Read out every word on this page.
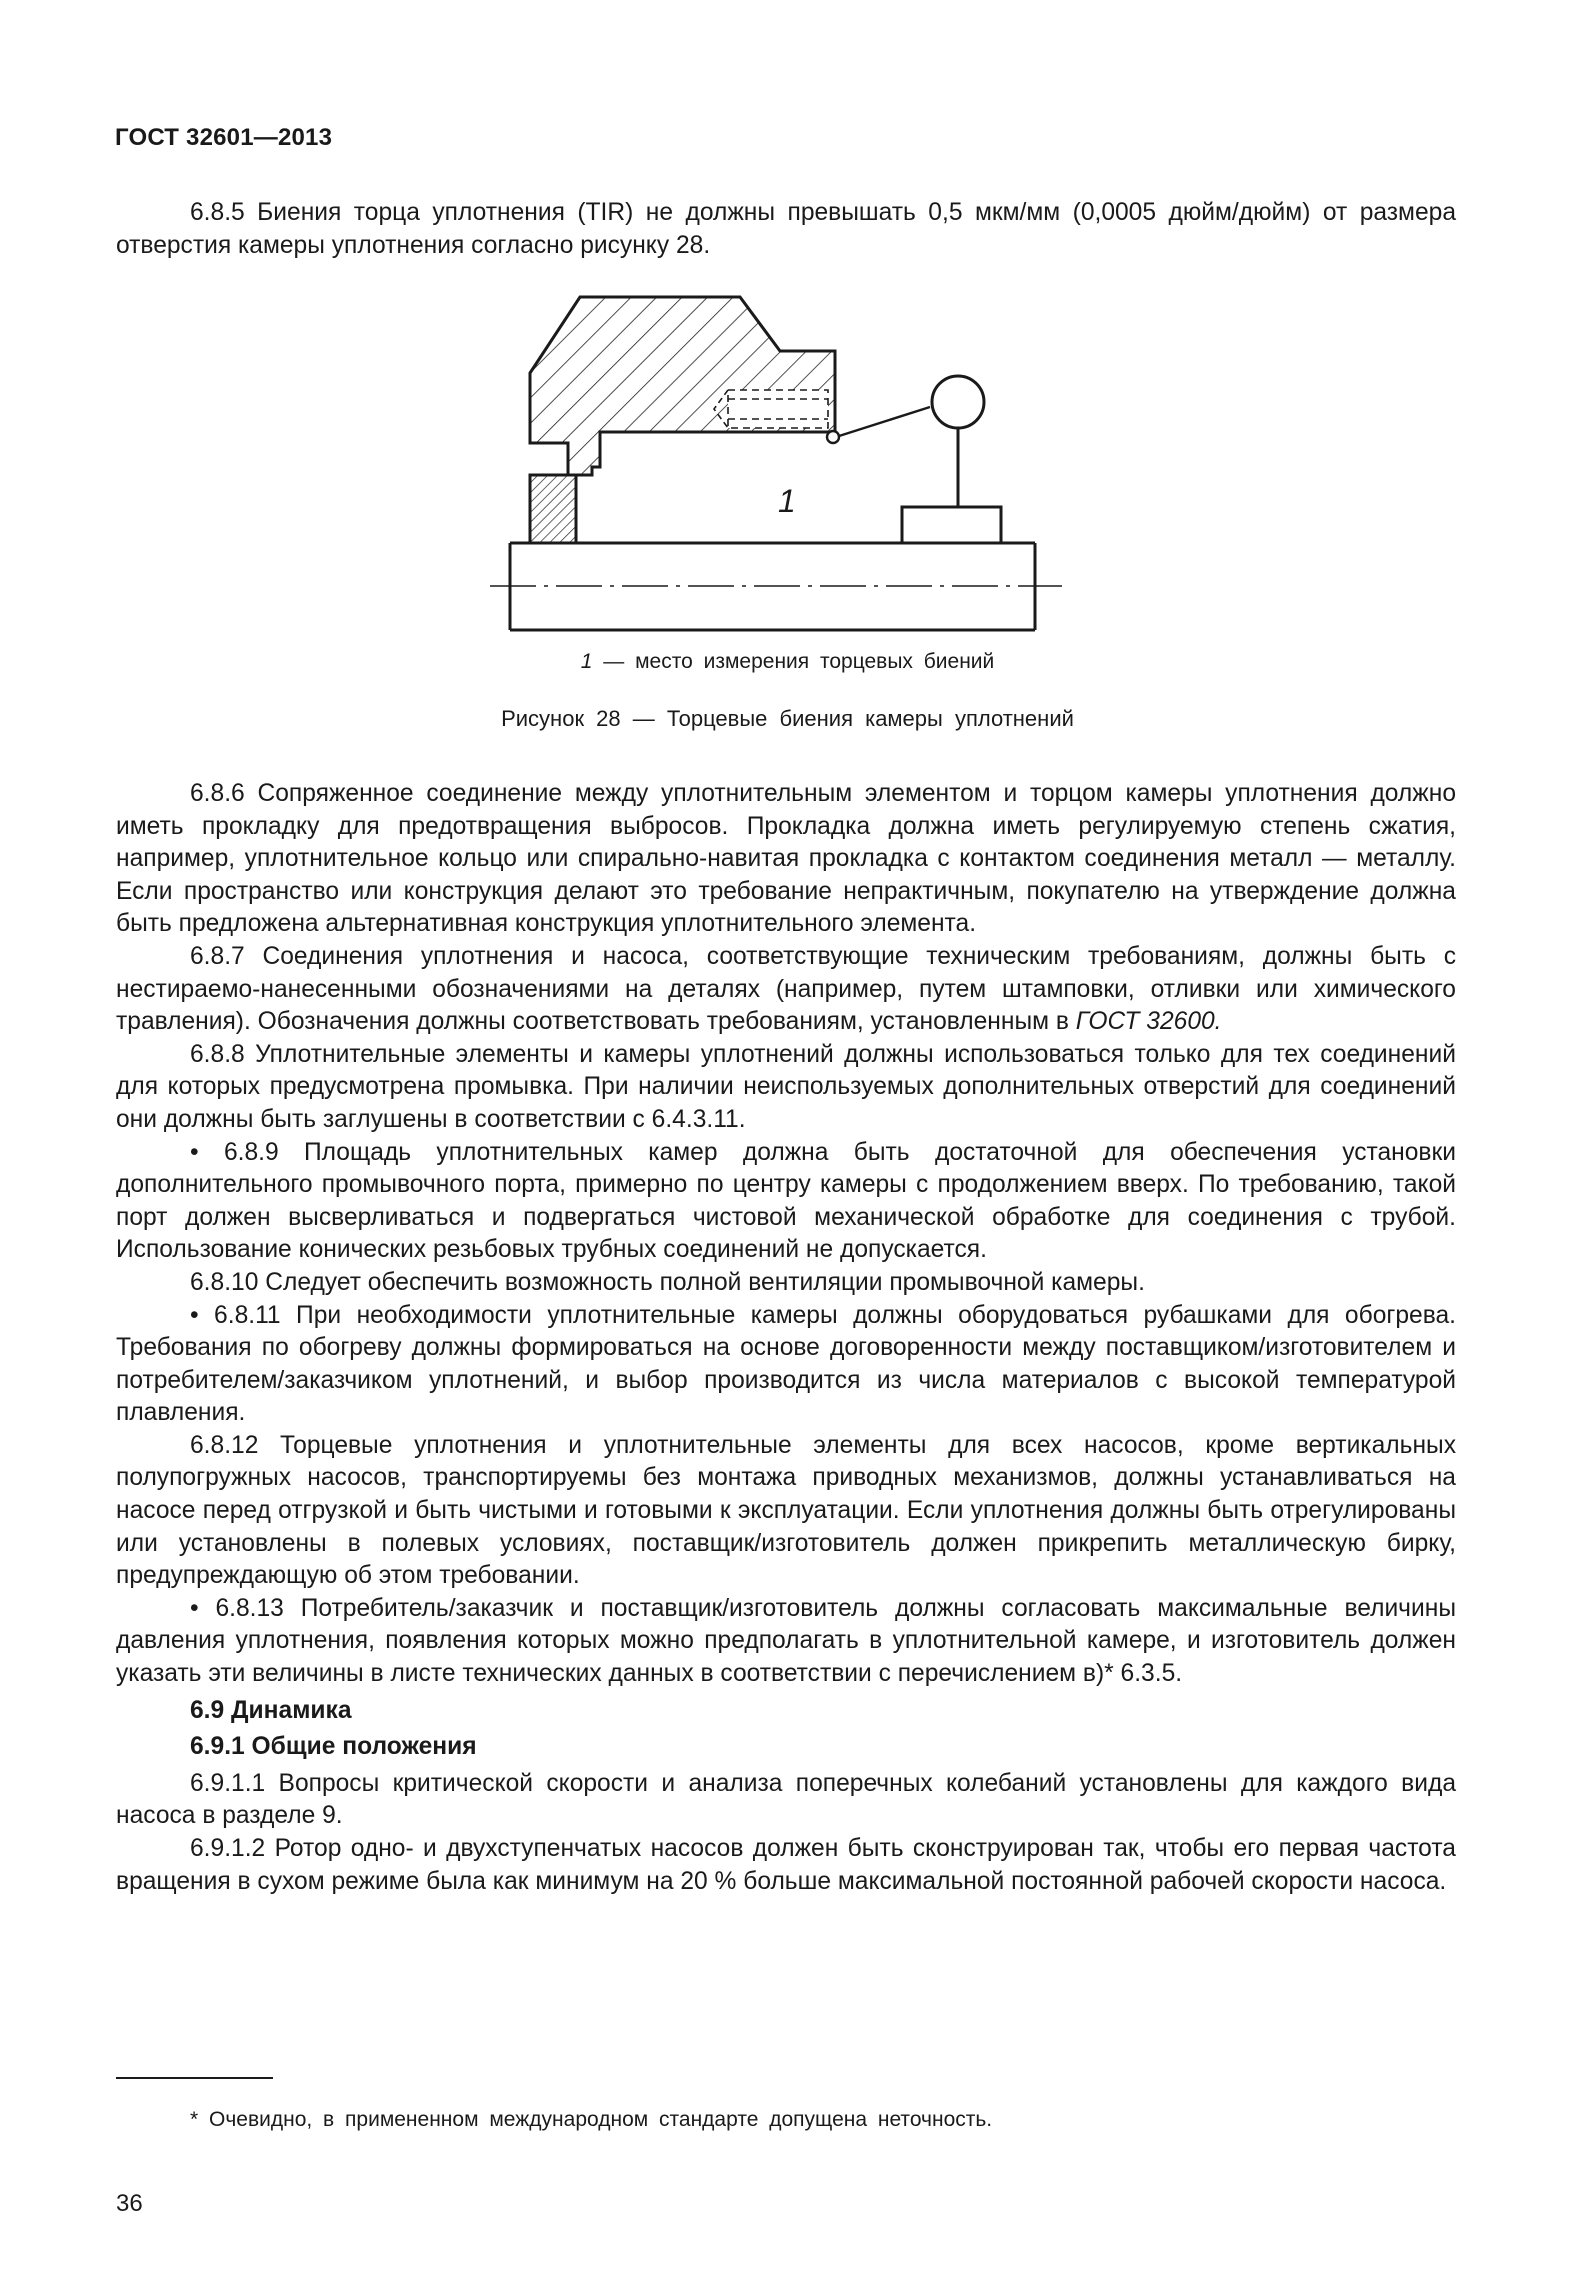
ГОСТ 32601—2013

6.8.5 Биения торца уплотнения (TIR) не должны превышать 0,5 мкм/мм (0,0005 дюйм/дюйм) от размера отверстия камеры уплотнения согласно рисунку 28.

1
1 — место измерения торцевых биений
Рисунок 28 — Торцевые биения камеры уплотнений

6.8.6 Сопряженное соединение между уплотнительным элементом и торцом камеры уплотнения должно иметь прокладку для предотвращения выбросов. Прокладка должна иметь регулируемую степень сжатия, например, уплотнительное кольцо или спирально-навитая прокладка с контактом соединения металл — металлу. Если пространство или конструкция делают это требование непрактичным, покупателю на утверждение должна быть предложена альтернативная конструкция уплотнительного элемента.

6.8.7 Соединения уплотнения и насоса, соответствующие техническим требованиям, должны быть с нестираемо-нанесенными обозначениями на деталях (например, путем штамповки, отливки или химического травления). Обозначения должны соответствовать требованиям, установленным в ГОСТ 32600.

6.8.8 Уплотнительные элементы и камеры уплотнений должны использоваться только для тех соединений для которых предусмотрена промывка. При наличии неиспользуемых дополнительных отверстий для соединений они должны быть заглушены в соответствии с 6.4.3.11.

• 6.8.9 Площадь уплотнительных камер должна быть достаточной для обеспечения установки дополнительного промывочного порта, примерно по центру камеры с продолжением вверх. По требованию, такой порт должен высверливаться и подвергаться чистовой механической обработке для соединения с трубой. Использование конических резьбовых трубных соединений не допускается.

6.8.10 Следует обеспечить возможность полной вентиляции промывочной камеры.

• 6.8.11 При необходимости уплотнительные камеры должны оборудоваться рубашками для обогрева. Требования по обогреву должны формироваться на основе договоренности между поставщиком/изготовителем и потребителем/заказчиком уплотнений, и выбор производится из числа материалов с высокой температурой плавления.

6.8.12 Торцевые уплотнения и уплотнительные элементы для всех насосов, кроме вертикальных полупогружных насосов, транспортируемы без монтажа приводных механизмов, должны устанавливаться на насосе перед отгрузкой и быть чистыми и готовыми к эксплуатации. Если уплотнения должны быть отрегулированы или установлены в полевых условиях, поставщик/изготовитель должен прикрепить металлическую бирку, предупреждающую об этом требовании.

• 6.8.13 Потребитель/заказчик и поставщик/изготовитель должны согласовать максимальные величины давления уплотнения, появления которых можно предполагать в уплотнительной камере, и изготовитель должен указать эти величины в листе технических данных в соответствии с перечислением в)* 6.3.5.

6.9 Динамика

6.9.1 Общие положения

6.9.1.1 Вопросы критической скорости и анализа поперечных колебаний установлены для каждого вида насоса в разделе 9.

6.9.1.2 Ротор одно- и двухступенчатых насосов должен быть сконструирован так, чтобы его первая частота вращения в сухом режиме была как минимум на 20 % больше максимальной постоянной рабочей скорости насоса.

* Очевидно, в примененном международном стандарте допущена неточность.
36
